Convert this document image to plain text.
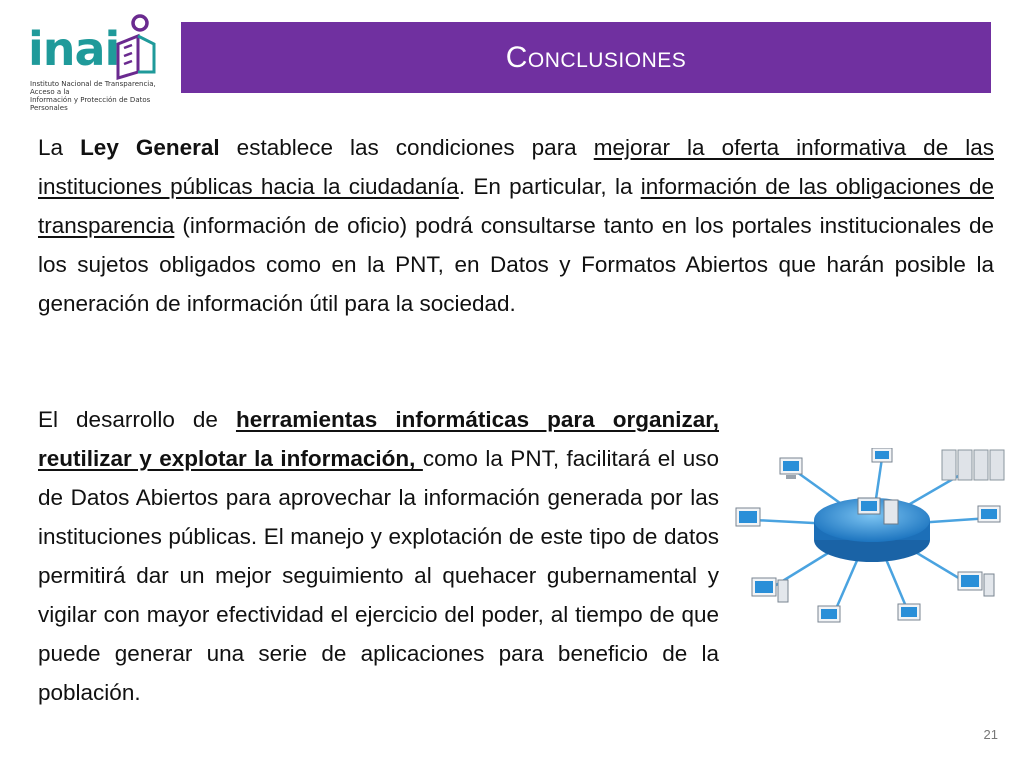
inai
Instituto Nacional de Transparencia, Acceso a la
Información y Protección de Datos Personales
Conclusiones
La Ley General establece las condiciones para mejorar la oferta informativa de las instituciones públicas hacia la ciudadanía. En particular, la información de las obligaciones de transparencia (información de oficio) podrá consultarse tanto en los portales institucionales de los sujetos obligados como en la PNT, en Datos y Formatos Abiertos que harán posible la generación de información útil para la sociedad.
El desarrollo de herramientas informáticas para organizar, reutilizar y explotar la información, como la PNT, facilitará el uso de Datos Abiertos para aprovechar la información generada por las instituciones públicas. El manejo y explotación de este tipo de datos permitirá dar un mejor seguimiento al quehacer gubernamental y vigilar con mayor efectividad el ejercicio del poder, al tiempo de que puede generar una serie de aplicaciones para beneficio de la población.
21
